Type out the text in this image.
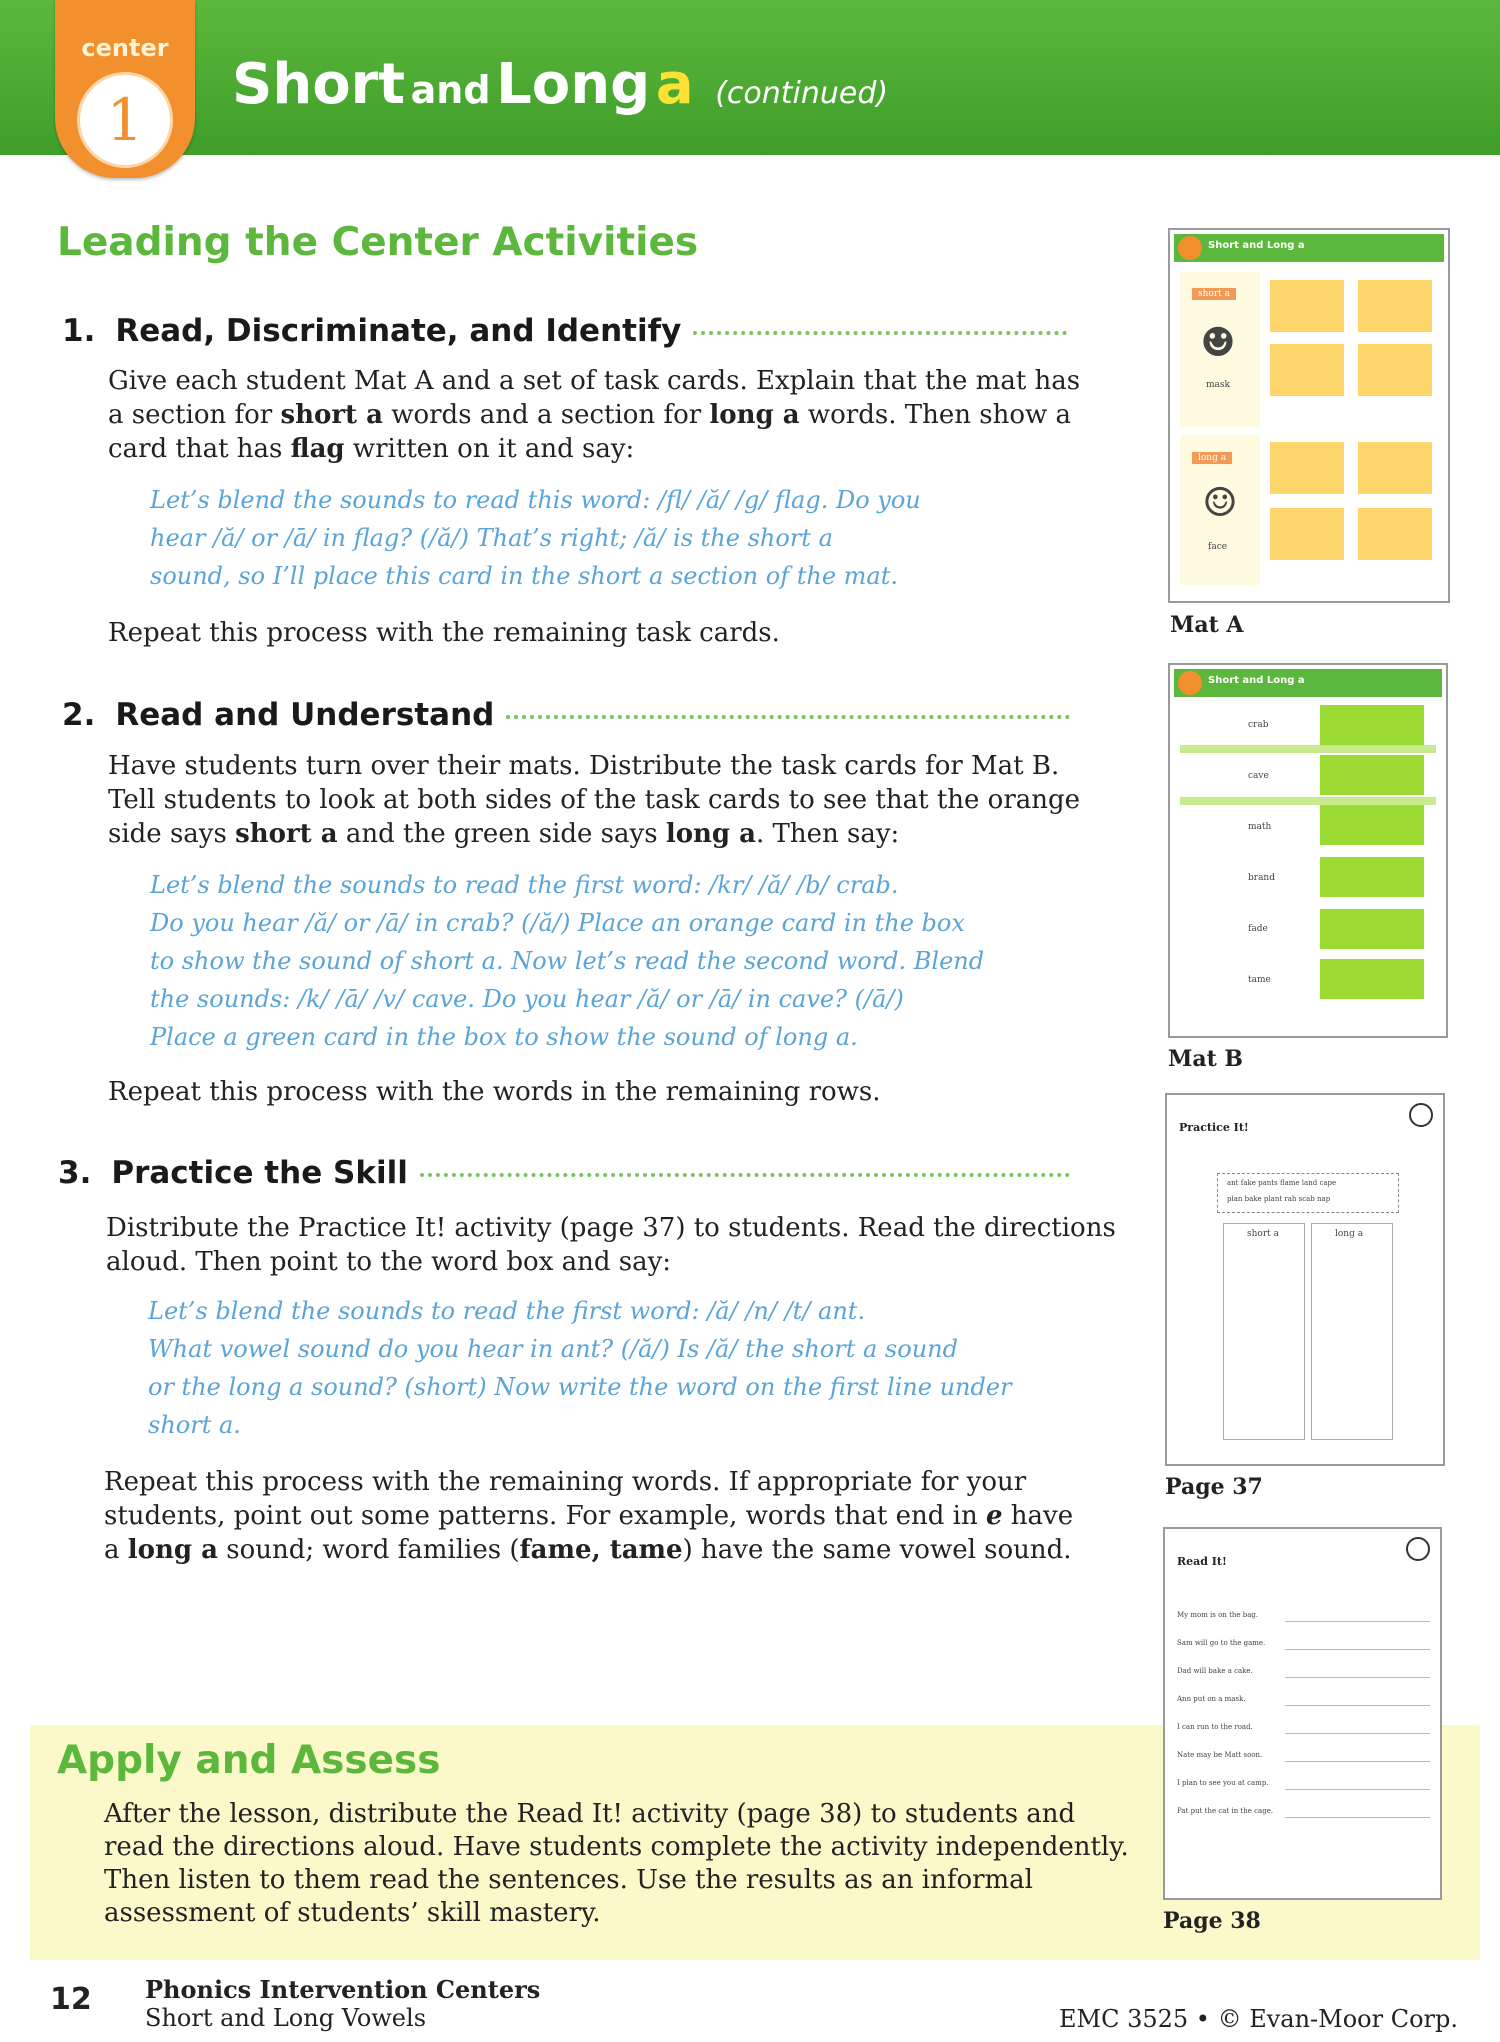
Short and Long a (continued)
center
1
Leading the Center Activities
1. Read, Discriminate, and Identify
Give each student Mat A and a set of task cards. Explain that the mat has
a section for short a words and a section for long a words. Then show a
card that has flag written on it and say:
Let’s blend the sounds to read this word: /fl/ /ă/ /g/ flag. Do you
hear /ă/ or /ā/ in flag? (/ă/) That’s right; /ă/ is the short a
sound, so I’ll place this card in the short a section of the mat.
Repeat this process with the remaining task cards.
2. Read and Understand
Have students turn over their mats. Distribute the task cards for Mat B.
Tell students to look at both sides of the task cards to see that the orange
side says short a and the green side says long a. Then say:
Let’s blend the sounds to read the first word: /kr/ /ă/ /b/ crab.
Do you hear /ă/ or /ā/ in crab? (/ă/) Place an orange card in the box
to show the sound of short a. Now let’s read the second word. Blend
the sounds: /k/ /ā/ /v/ cave. Do you hear /ă/ or /ā/ in cave? (/ā/)
Place a green card in the box to show the sound of long a.
Repeat this process with the words in the remaining rows.
3. Practice the Skill
Distribute the Practice It! activity (page 37) to students. Read the directions
aloud. Then point to the word box and say:
Let’s blend the sounds to read the first word: /ă/ /n/ /t/ ant.
What vowel sound do you hear in ant? (/ă/) Is /ă/ the short a sound
or the long a sound? (short) Now write the word on the first line under
short a.
Repeat this process with the remaining words. If appropriate for your
students, point out some patterns. For example, words that end in e have
a long a sound; word families (fame, tame) have the same vowel sound.
Apply and Assess
After the lesson, distribute the Read It! activity (page 38) to students and
read the directions aloud. Have students complete the activity independently.
Then listen to them read the sentences. Use the results as an informal
assessment of students’ skill mastery.
Short and Long a
short a
☻
mask
long a
☺
face
Mat A
Short and Long a
crab
cave
math
brand
fade
tame
Mat B
Practice It!
ant fake pants flame land cape
plan bake plant rah scab nap
short a	long a
Page 37
Read It!
My mom is on the bag.
Sam will go to the game.
Dad will bake a cake.
Ann put on a mask.
I can run to the road.
Nate may be Matt soon.
I plan to see you at camp.
Pat put the cat in the cage.
Page 38
12 Phonics Intervention Centers
Short and Long Vowels	EMC 3525 • © Evan-Moor Corp.
